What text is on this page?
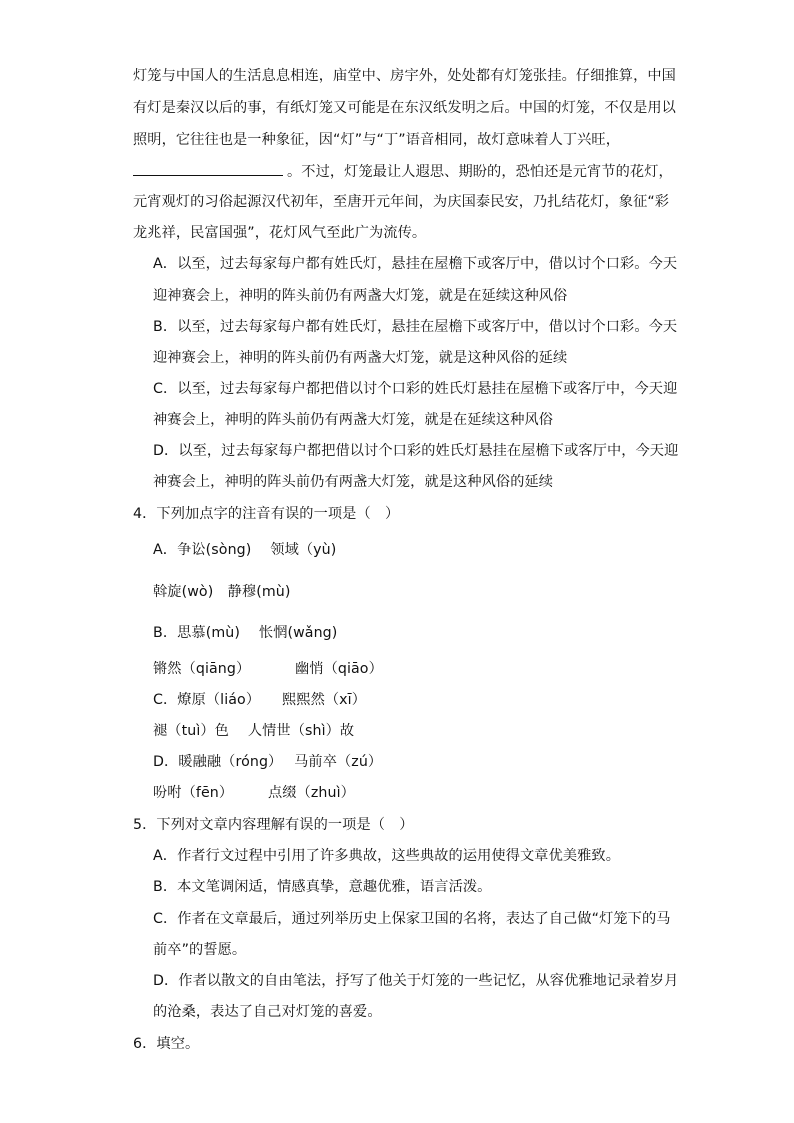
灯笼与中国人的生活息息相连，庙堂中、房宇外，处处都有灯笼张挂。仔细推算，中国
有灯是秦汉以后的事，有纸灯笼又可能是在东汉纸发明之后。中国的灯笼，不仅是用以
照明，它往往也是一种象征，因“灯”与“丁”语音相同，故灯意味着人丁兴旺，
。不过，灯笼最让人遐思、期盼的，恐怕还是元宵节的花灯，
元宵观灯的习俗起源汉代初年，至唐开元年间，为庆国泰民安，乃扎结花灯，象征“彩
龙兆祥，民富国强”，花灯风气至此广为流传。
A．以至，过去每家每户都有姓氏灯，悬挂在屋檐下或客厅中，借以讨个口彩。今天
迎神赛会上，神明的阵头前仍有两盏大灯笼，就是在延续这种风俗
B．以至，过去每家每户都有姓氏灯，悬挂在屋檐下或客厅中，借以讨个口彩。今天
迎神赛会上，神明的阵头前仍有两盏大灯笼，就是这种风俗的延续
C．以至，过去每家每户都把借以讨个口彩的姓氏灯悬挂在屋檐下或客厅中，今天迎
神赛会上，神明的阵头前仍有两盏大灯笼，就是在延续这种风俗
D．以至，过去每家每户都把借以讨个口彩的姓氏灯悬挂在屋檐下或客厅中，今天迎
神赛会上，神明的阵头前仍有两盏大灯笼，就是这种风俗的延续
4．下列加点字的注音有误的一项是（　）
A．争讼(sòng)　 领域（yù)
斡旋(wò)　静穆(mù)
B．思慕(mù)　 怅惘(wǎng)
锵然（qiāng）	幽悄（qiāo）
C．燎原（liáo） 熙熙然（xī）
褪（tuì）色　 人情世（shì）故
D．暖融融（róng）　 马前卒（zú）
吩咐（fēn） 点缀（zhuì）
5．下列对文章内容理解有误的一项是（　）
A．作者行文过程中引用了许多典故，这些典故的运用使得文章优美雅致。
B．本文笔调闲适，情感真挚，意趣优雅，语言活泼。
C．作者在文章最后，通过列举历史上保家卫国的名将，表达了自己做“灯笼下的马
前卒”的誓愿。
D．作者以散文的自由笔法，抒写了他关于灯笼的一些记忆，从容优雅地记录着岁月
的沧桑，表达了自己对灯笼的喜爱。
6．填空。
